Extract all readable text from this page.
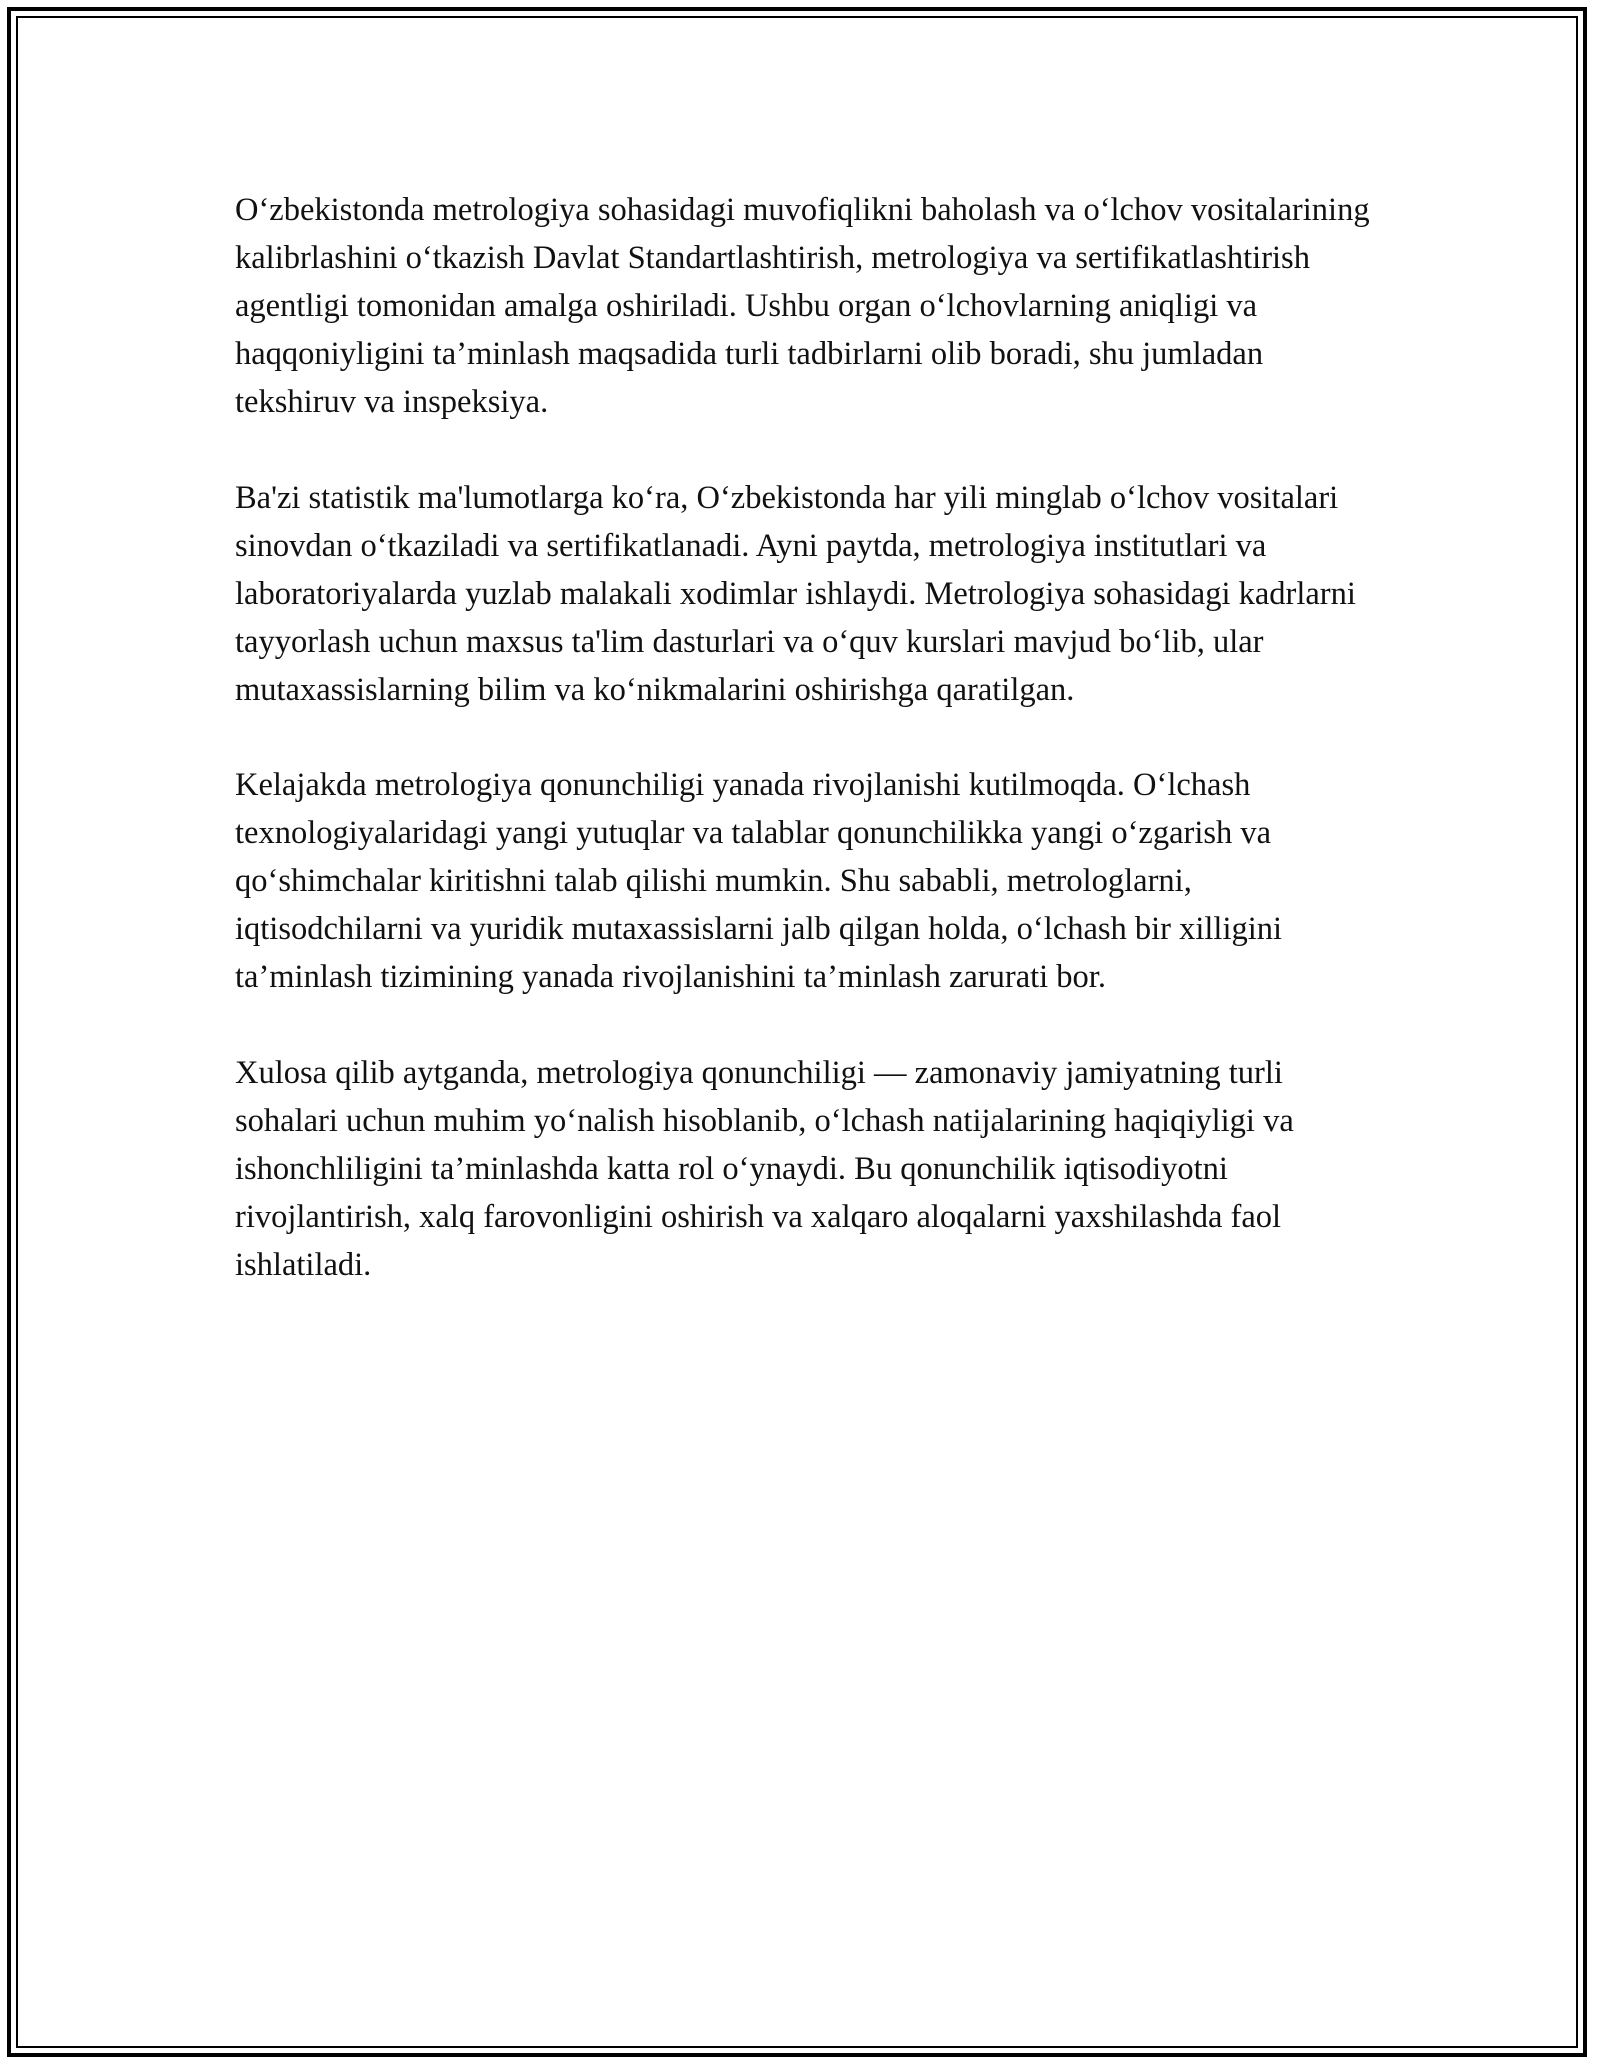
O‘zbekistonda metrologiya sohasidagi muvofiqlikni baholash va o‘lchov vositalarining kalibrlashini o‘tkazish Davlat Standartlashtirish, metrologiya va sertifikatlashtirish agentligi tomonidan amalga oshiriladi. Ushbu organ o‘lchovlarning aniqligi va haqqoniyligini ta’minlash maqsadida turli tadbirlarni olib boradi, shu jumladan tekshiruv va inspeksiya.

Ba'zi statistik ma'lumotlarga ko‘ra, O‘zbekistonda har yili minglab o‘lchov vositalari sinovdan o‘tkaziladi va sertifikatlanadi. Ayni paytda, metrologiya institutlari va laboratoriyalarda yuzlab malakali xodimlar ishlaydi. Metrologiya sohasidagi kadrlarni tayyorlash uchun maxsus ta'lim dasturlari va o‘quv kurslari mavjud bo‘lib, ular mutaxassislarning bilim va ko‘nikmalarini oshirishga qaratilgan.

Kelajakda metrologiya qonunchiligi yanada rivojlanishi kutilmoqda. O‘lchash texnologiyalaridagi yangi yutuqlar va talablar qonunchilikka yangi o‘zgarish va qo‘shimchalar kiritishni talab qilishi mumkin. Shu sababli, metrologlarni, iqtisodchilarni va yuridik mutaxassislarni jalb qilgan holda, o‘lchash bir xilligini ta’minlash tizimining yanada rivojlanishini ta’minlash zarurati bor.

Xulosa qilib aytganda, metrologiya qonunchiligi — zamonaviy jamiyatning turli sohalari uchun muhim yo‘nalish hisoblanib, o‘lchash natijalarining haqiqiyligi va ishonchliligini ta’minlashda katta rol o‘ynaydi. Bu qonunchilik iqtisodiyotni rivojlantirish, xalq farovonligini oshirish va xalqaro aloqalarni yaxshilashda faol ishlatiladi.
